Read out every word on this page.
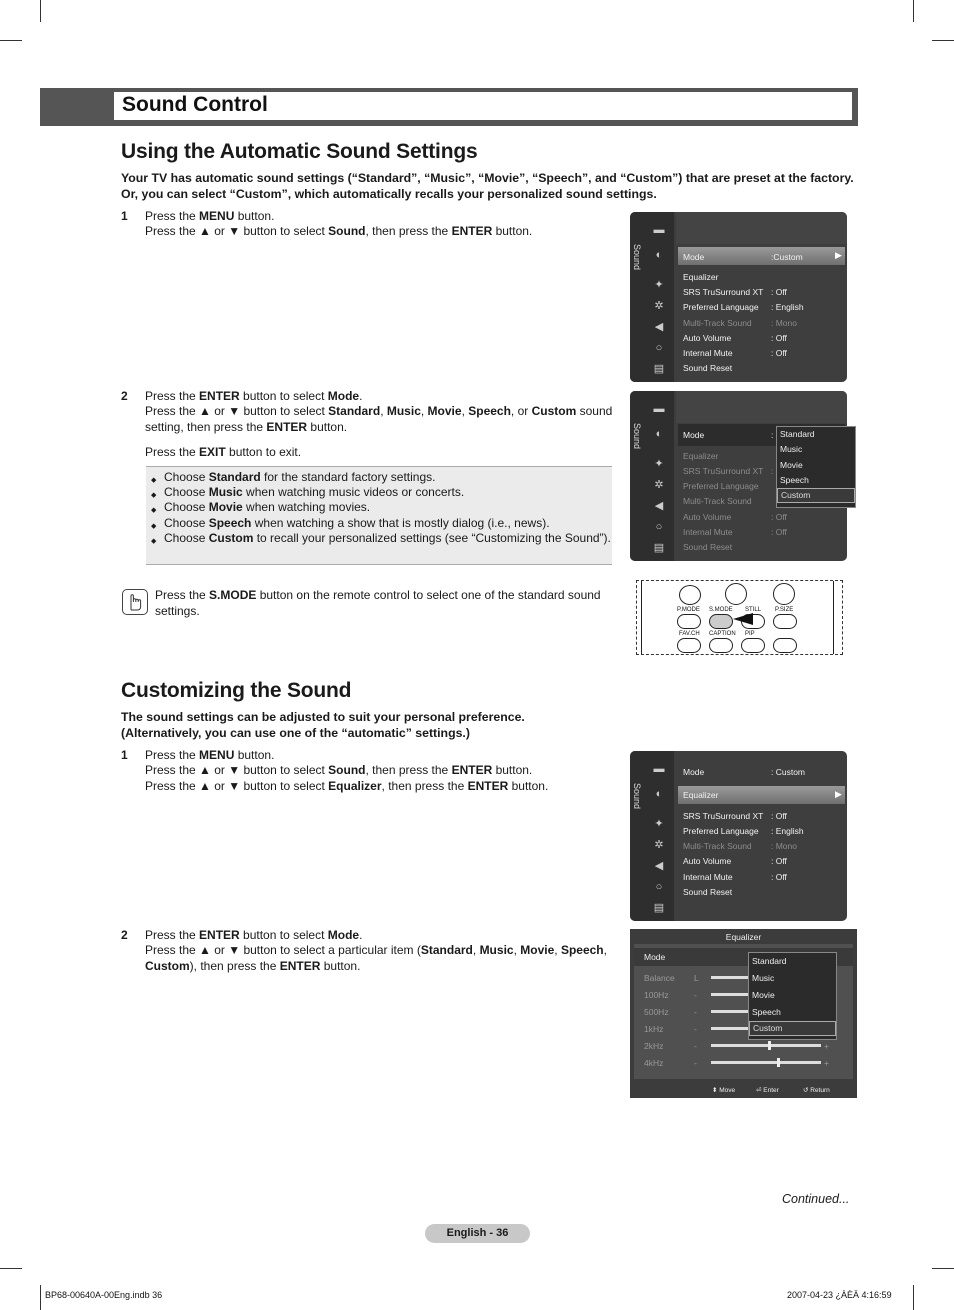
Sound Control
Using the Automatic Sound Settings
Your TV has automatic sound settings (“Standard”, “Music”, “Movie”, “Speech”, and “Custom”) that are preset at the factory.
Or, you can select “Custom”, which automatically recalls your personalized sound settings.
1 Press the MENU button.
Press the ▲ or ▼ button to select Sound, then press the ENTER button.
2 Press the ENTER button to select Mode.
Press the ▲ or ▼ button to select Standard, Music, Movie, Speech, or Custom sound
setting, then press the ENTER button.
Press the EXIT button to exit.
◆ Choose Standard for the standard factory settings.
◆ Choose Music when watching music videos or concerts.
◆ Choose Movie when watching movies.
◆ Choose Speech when watching a show that is mostly dialog (i.e., news).
◆ Choose Custom to recall your personalized settings (see “Customizing the Sound”).
Press the S.MODE button on the remote control to select one of the standard sound settings.
Sound
▬
◐
✦
✲
◀
○
▤
Mode	:Custom	▶
Equalizer
SRS TruSurround XT : Off
Preferred Language : English
Multi-Track Sound : Mono
Auto Volume	: Off
Internal Mute	: Off
Sound Reset
Sound
▬
◐
✦
✲
◀
○
▤
Mode	:
Equalizer
SRS TruSurround XT :
Preferred Language
Multi-Track Sound
Auto Volume	: Off
Internal Mute	: Off
Sound Reset
Standard
Music
Movie
Speech
Custom
P.MODE S.MODE STILL P.SIZE
FAV.CH CAPTION PIP
Customizing the Sound
The sound settings can be adjusted to suit your personal preference.
(Alternatively, you can use one of the “automatic” settings.)
1 Press the MENU button.
Press the ▲ or ▼ button to select Sound, then press the ENTER button.
Press the ▲ or ▼ button to select Equalizer, then press the ENTER button.
2 Press the ENTER button to select Mode.
Press the ▲ or ▼ button to select a particular item (Standard, Music, Movie, Speech,
Custom), then press the ENTER button.
Sound
▬
◐
✦
✲
◀
○
▤
Mode	: Custom
Equalizer	▶
SRS TruSurround XT : Off
Preferred Language : English
Multi-Track Sound : Mono
Auto Volume	: Off
Internal Mute	: Off
Sound Reset
Equalizer
Mode
Balance L
100Hz	-
500Hz	-
1kHz	-
2kHz	-	+
4kHz	-	+
⬍ Move	⏎ Enter	↺ Return
Standard
Music
Movie
Speech
Custom
Continued...
English - 36
BP68-00640A-00Eng.indb 36	2007-04-23 ¿ÀÈÄ 4:16:59
